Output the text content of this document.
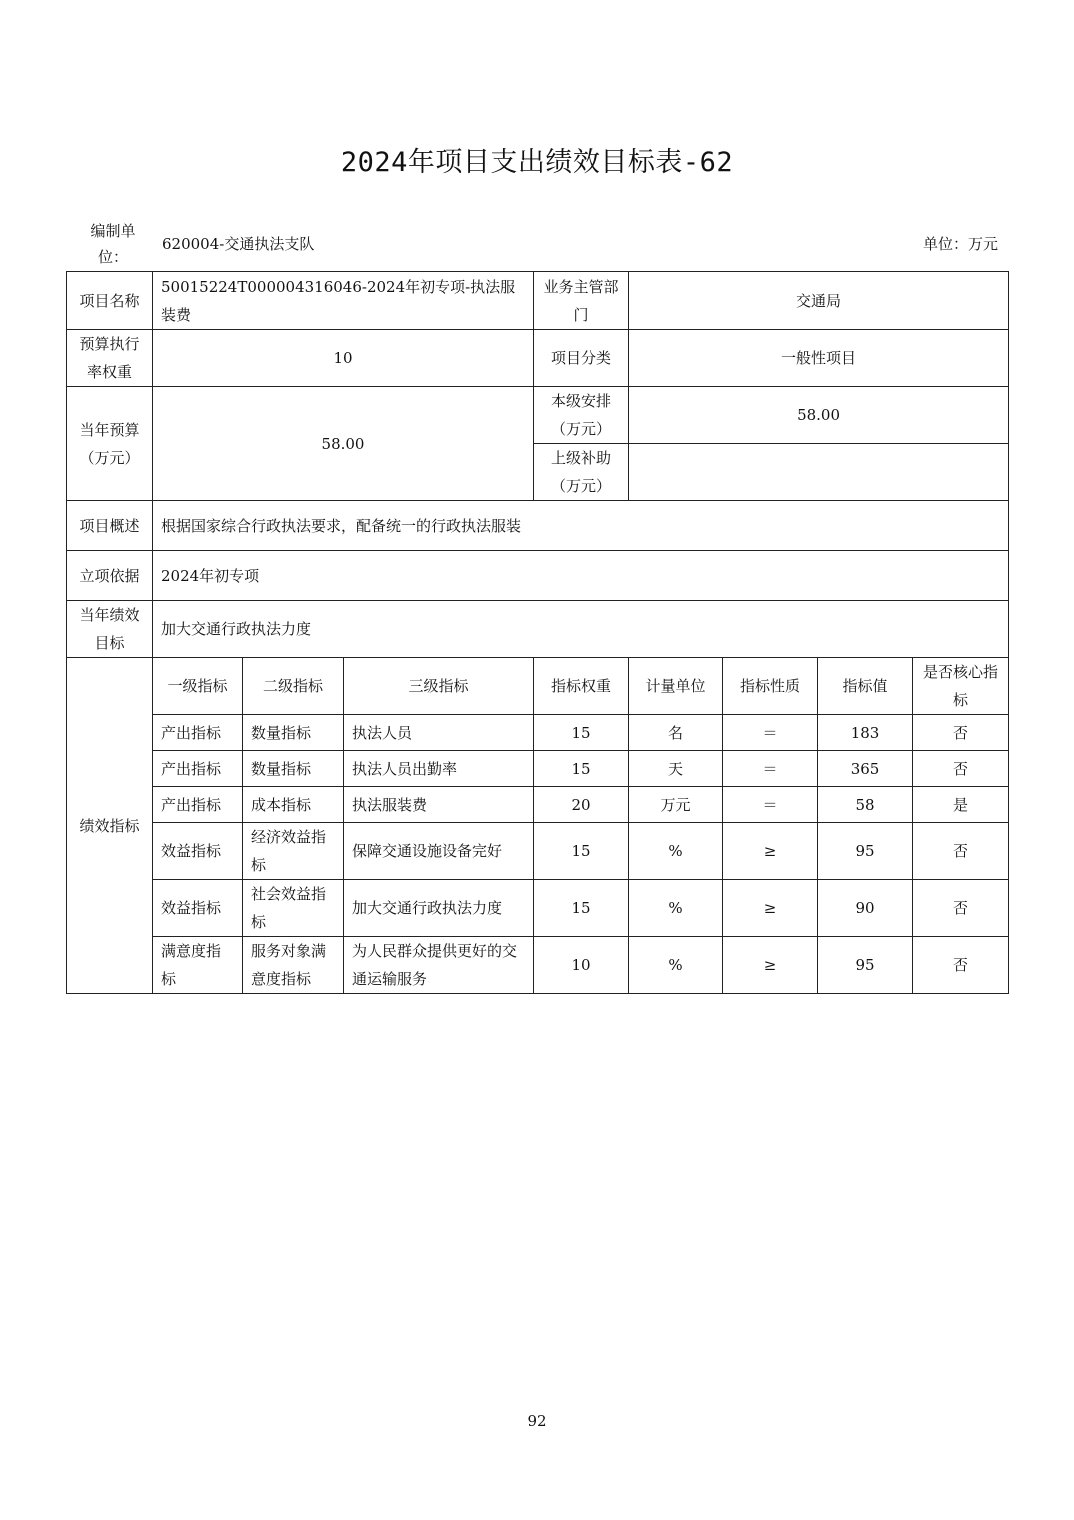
2024年项目支出绩效目标表-62
编制单位：
620004-交通执法支队	单位：万元
项目名称	50015224T000004316046-2024年初专项-执法服装费			业务主管部门	交通局			
预算执行率权重	10			项目分类	一般性项目			
当年预算（万元）	58.00			本级安排（万元）	58.00			
				上级补助（万元）				
项目概述	根据国家综合行政执法要求，配备统一的行政执法服装							
立项依据	2024年初专项							
当年绩效目标	加大交通行政执法力度							
绩效指标	一级指标	二级指标	三级指标	指标权重	计量单位	指标性质	指标值	是否核心指标
	产出指标	数量指标	执法人员	15	名	＝	183	否
	产出指标	数量指标	执法人员出勤率	15	天	＝	365	否
	产出指标	成本指标	执法服装费	20	万元	＝	58	是
	效益指标	经济效益指标	保障交通设施设备完好	15	%	≥	95	否
	效益指标	社会效益指标	加大交通行政执法力度	15	%	≥	90	否
	满意度指标	服务对象满意度指标	为人民群众提供更好的交通运输服务	10	%	≥	95	否
92
